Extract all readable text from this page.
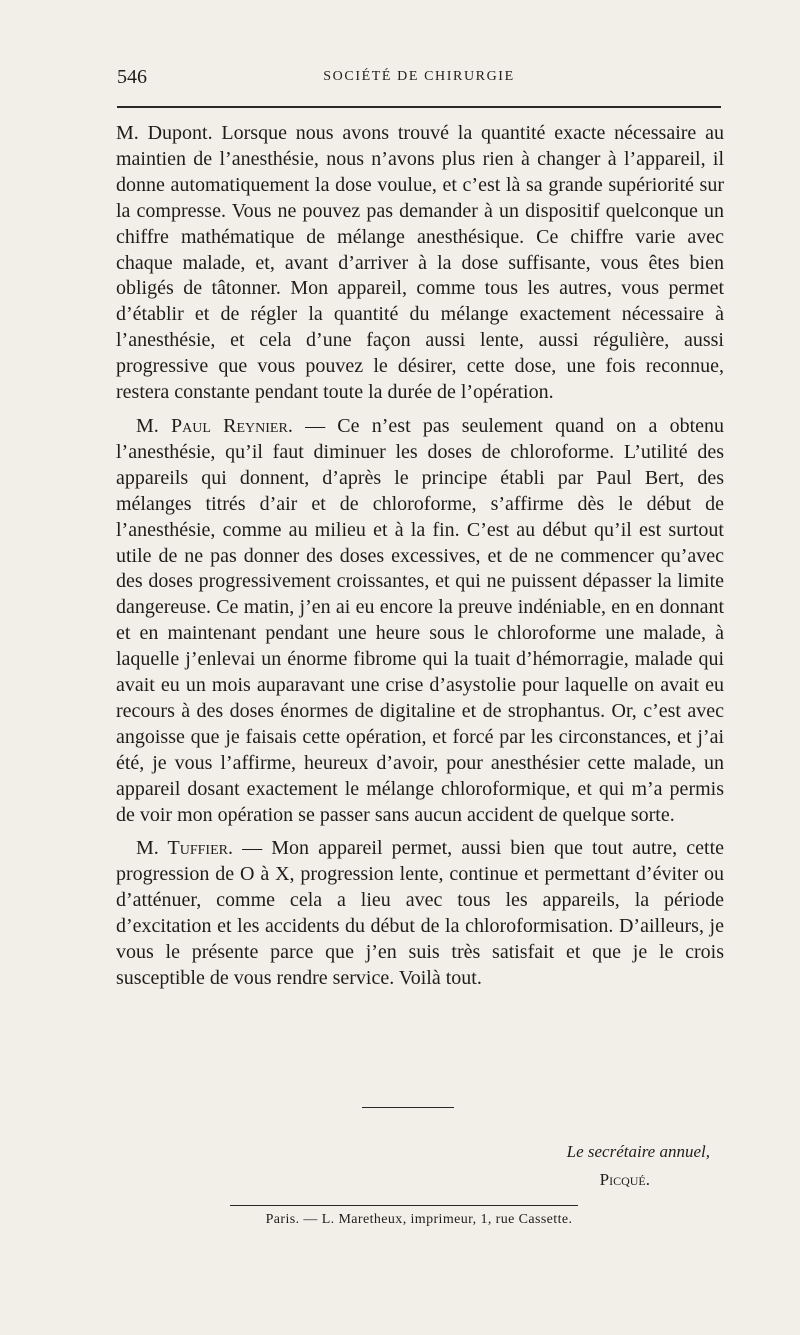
546	SOCIÉTÉ DE CHIRURGIE

M. Dupont. Lorsque nous avons trouvé la quantité exacte nécessaire au maintien de l’anesthésie, nous n’avons plus rien à changer à l’appareil, il donne automatiquement la dose voulue, et c’est là sa grande supériorité sur la compresse. Vous ne pouvez pas demander à un dispositif quelconque un chiffre mathématique de mélange anesthésique. Ce chiffre varie avec chaque malade, et, avant d’arriver à la dose suffisante, vous êtes bien obligés de tâtonner. Mon appareil, comme tous les autres, vous permet d’établir et de régler la quantité du mélange exactement nécessaire à l’anesthésie, et cela d’une façon aussi lente, aussi régulière, aussi progressive que vous pouvez le désirer, cette dose, une fois reconnue, restera constante pendant toute la durée de l’opération.

M. Paul Reynier. — Ce n’est pas seulement quand on a obtenu l’anesthésie, qu’il faut diminuer les doses de chloroforme. L’utilité des appareils qui donnent, d’après le principe établi par Paul Bert, des mélanges titrés d’air et de chloroforme, s’affirme dès le début de l’anesthésie, comme au milieu et à la fin. C’est au début qu’il est surtout utile de ne pas donner des doses excessives, et de ne commencer qu’avec des doses progressivement croissantes, et qui ne puissent dépasser la limite dangereuse. Ce matin, j’en ai eu encore la preuve indéniable, en en donnant et en maintenant pendant une heure sous le chloroforme une malade, à laquelle j’enlevai un énorme fibrome qui la tuait d’hémorragie, malade qui avait eu un mois auparavant une crise d’asystolie pour laquelle on avait eu recours à des doses énormes de digitaline et de strophantus. Or, c’est avec angoisse que je faisais cette opération, et forcé par les circonstances, et j’ai été, je vous l’affirme, heureux d’avoir, pour anesthésier cette malade, un appareil dosant exactement le mélange chloroformique, et qui m’a permis de voir mon opération se passer sans aucun accident de quelque sorte.

M. Tuffier. — Mon appareil permet, aussi bien que tout autre, cette progression de O à X, progression lente, continue et permettant d’éviter ou d’atténuer, comme cela a lieu avec tous les appareils, la période d’excitation et les accidents du début de la chloroformisation. D’ailleurs, je vous le présente parce que j’en suis très satisfait et que je le crois susceptible de vous rendre service. Voilà tout.

Le secrétaire annuel,
Picqué.
Paris. — L. Maretheux, imprimeur, 1, rue Cassette.
